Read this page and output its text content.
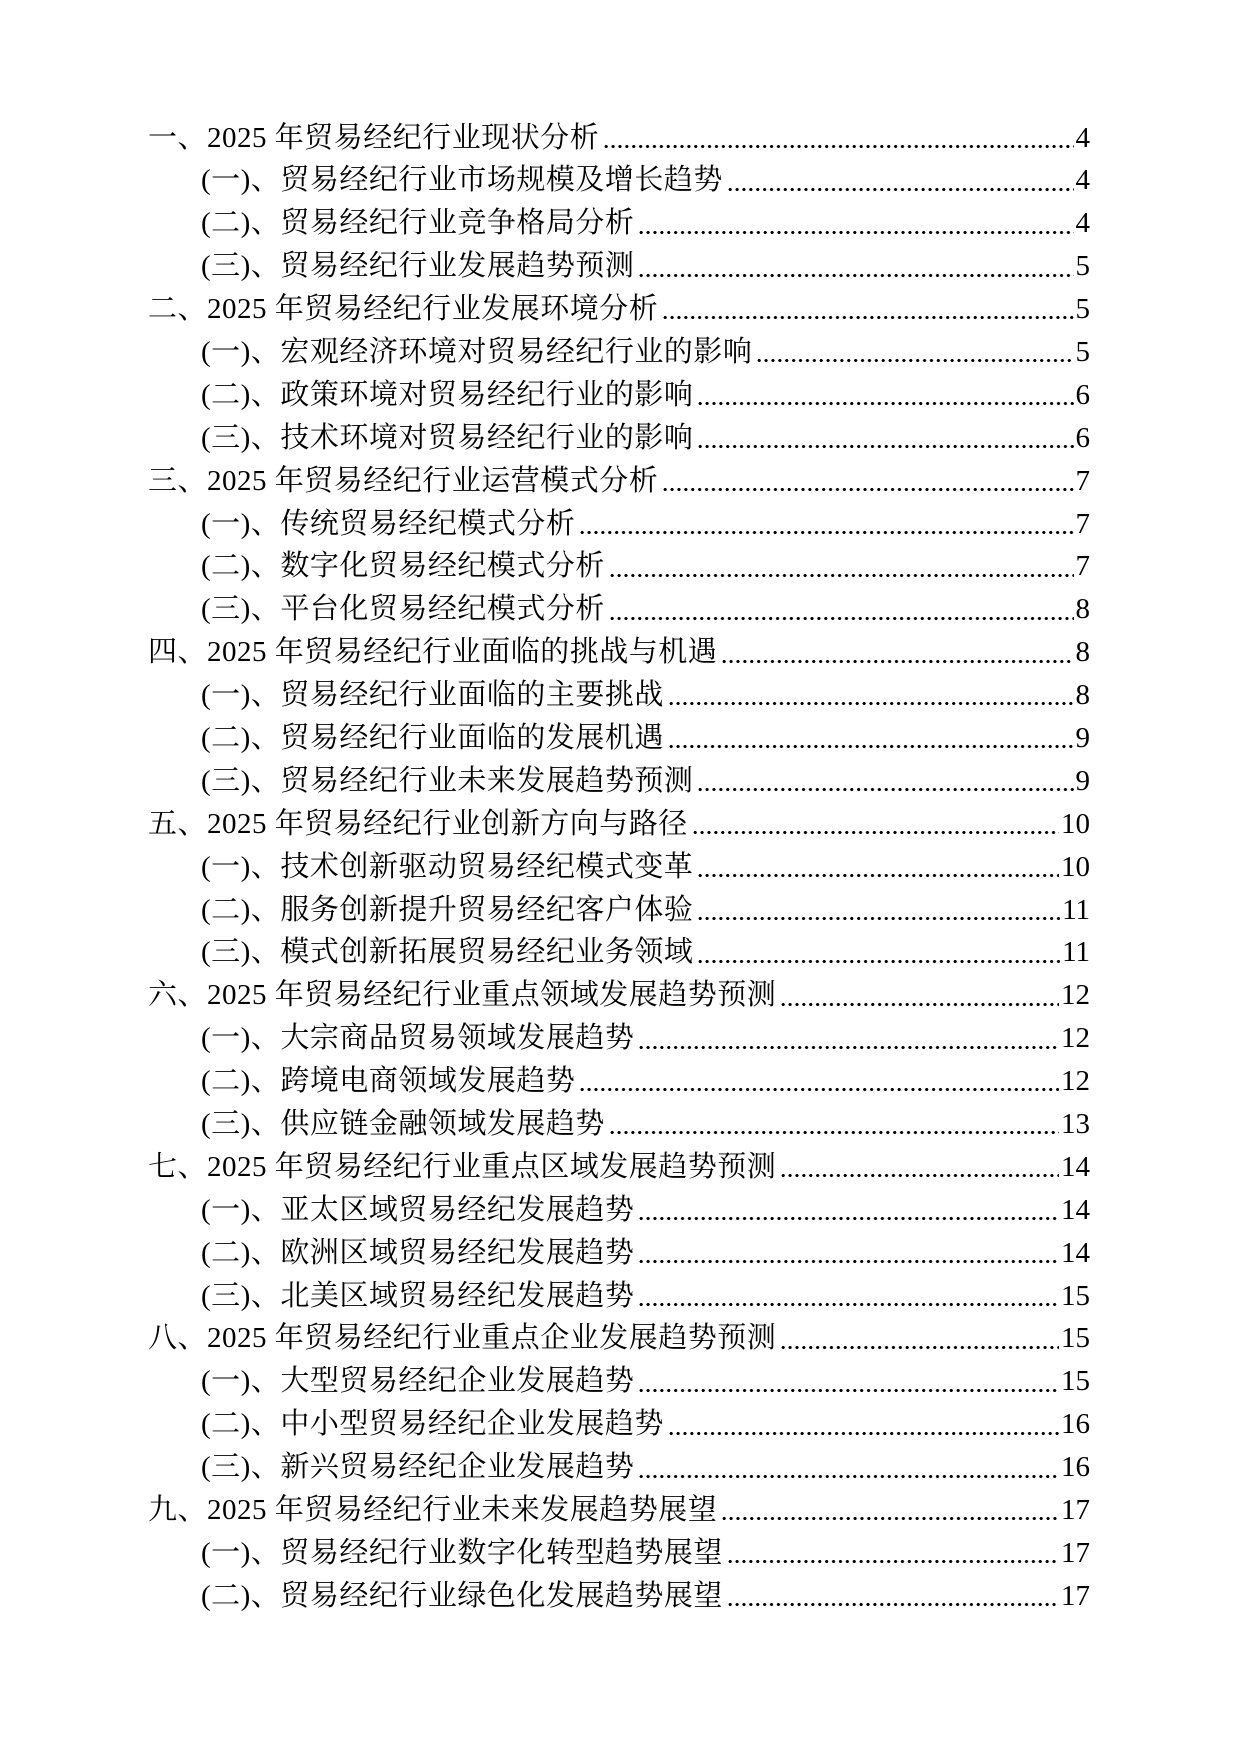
一、2025 年贸易经纪行业现状分析	4
(一)、贸易经纪行业市场规模及增长趋势	4
(二)、贸易经纪行业竞争格局分析	4
(三)、贸易经纪行业发展趋势预测	5
二、2025 年贸易经纪行业发展环境分析	5
(一)、宏观经济环境对贸易经纪行业的影响	5
(二)、政策环境对贸易经纪行业的影响	6
(三)、技术环境对贸易经纪行业的影响	6
三、2025 年贸易经纪行业运营模式分析	7
(一)、传统贸易经纪模式分析	7
(二)、数字化贸易经纪模式分析	7
(三)、平台化贸易经纪模式分析	8
四、2025 年贸易经纪行业面临的挑战与机遇	8
(一)、贸易经纪行业面临的主要挑战	8
(二)、贸易经纪行业面临的发展机遇	9
(三)、贸易经纪行业未来发展趋势预测	9
五、2025 年贸易经纪行业创新方向与路径	10
(一)、技术创新驱动贸易经纪模式变革	10
(二)、服务创新提升贸易经纪客户体验	11
(三)、模式创新拓展贸易经纪业务领域	11
六、2025 年贸易经纪行业重点领域发展趋势预测	12
(一)、大宗商品贸易领域发展趋势	12
(二)、跨境电商领域发展趋势	12
(三)、供应链金融领域发展趋势	13
七、2025 年贸易经纪行业重点区域发展趋势预测	14
(一)、亚太区域贸易经纪发展趋势	14
(二)、欧洲区域贸易经纪发展趋势	14
(三)、北美区域贸易经纪发展趋势	15
八、2025 年贸易经纪行业重点企业发展趋势预测	15
(一)、大型贸易经纪企业发展趋势	15
(二)、中小型贸易经纪企业发展趋势	16
(三)、新兴贸易经纪企业发展趋势	16
九、2025 年贸易经纪行业未来发展趋势展望	17
(一)、贸易经纪行业数字化转型趋势展望	17
(二)、贸易经纪行业绿色化发展趋势展望	17
